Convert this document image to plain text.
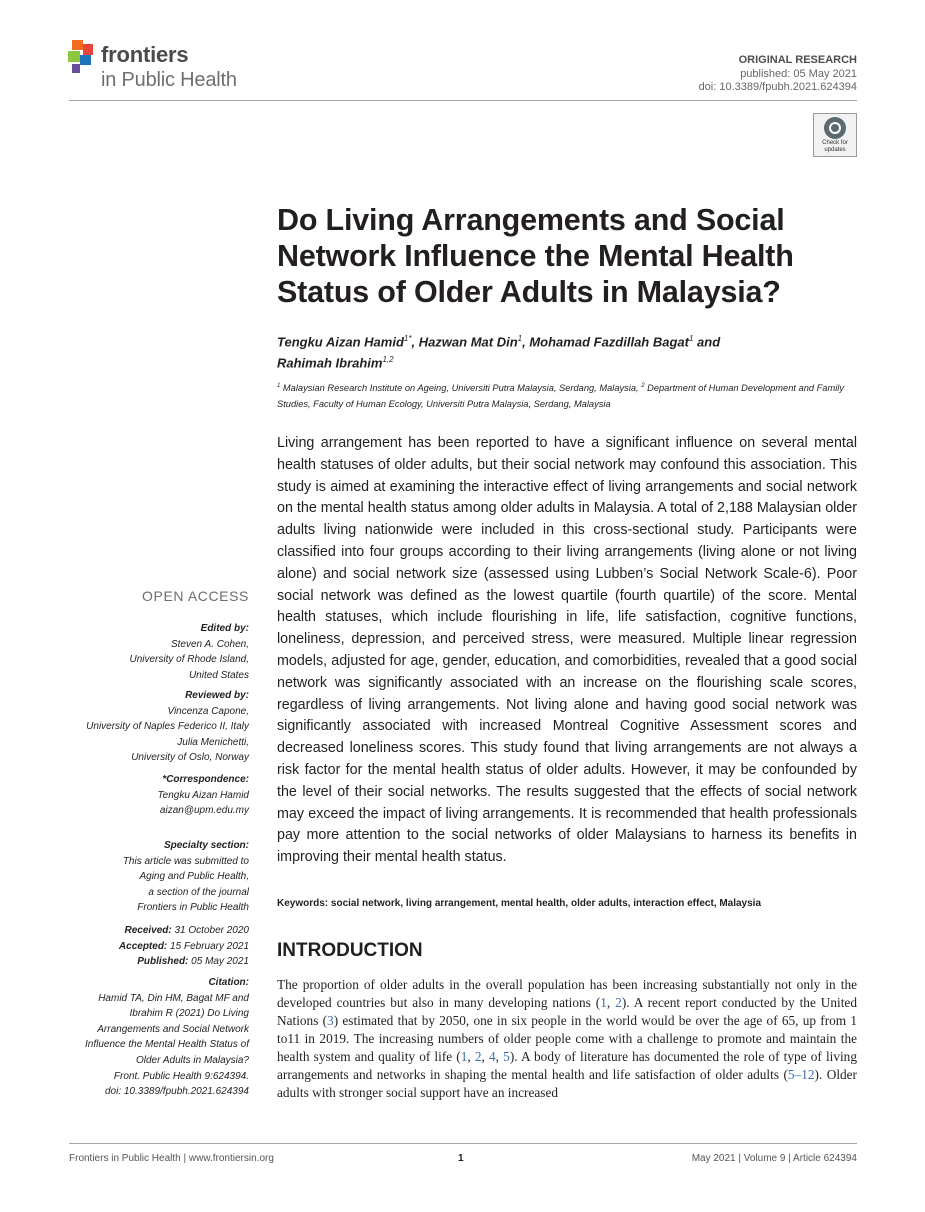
frontiers
in Public Health
ORIGINAL RESEARCH
published: 05 May 2021
doi: 10.3389/fpubh.2021.624394
Check for updates
Do Living Arrangements and Social Network Influence the Mental Health Status of Older Adults in Malaysia?
Tengku Aizan Hamid$^{1*}$, Hazwan Mat Din$^1$, Mohamad Fazdillah Bagat$^1$ and
Rahimah Ibrahim$^{1,2}$
$^1$ Malaysian Research Institute on Ageing, Universiti Putra Malaysia, Serdang, Malaysia, $^2$ Department of Human Development and Family Studies, Faculty of Human Ecology, Universiti Putra Malaysia, Serdang, Malaysia
Living arrangement has been reported to have a significant influence on several mental health statuses of older adults, but their social network may confound this association. This study is aimed at examining the interactive effect of living arrangements and social network on the mental health status among older adults in Malaysia. A total of 2,188 Malaysian older adults living nationwide were included in this cross-sectional study. Participants were classified into four groups according to their living arrangements (living alone or not living alone) and social network size (assessed using Lubben’s Social Network Scale-6). Poor social network was defined as the lowest quartile (fourth quartile) of the score. Mental health statuses, which include flourishing in life, life satisfaction, cognitive functions, loneliness, depression, and perceived stress, were measured. Multiple linear regression models, adjusted for age, gender, education, and comorbidities, revealed that a good social network was significantly associated with an increase on the flourishing scale scores, regardless of living arrangements. Not living alone and having good social network was significantly associated with increased Montreal Cognitive Assessment scores and decreased loneliness scores. This study found that living arrangements are not always a risk factor for the mental health status of older adults. However, it may be confounded by the level of their social networks. The results suggested that the effects of social network may exceed the impact of living arrangements. It is recommended that health professionals pay more attention to the social networks of older Malaysians to harness its benefits in improving their mental health status.
Keywords: social network, living arrangement, mental health, older adults, interaction effect, Malaysia
INTRODUCTION
The proportion of older adults in the overall population has been increasing substantially not only in the developed countries but also in many developing nations (1, 2). A recent report conducted by the United Nations (3) estimated that by 2050, one in six people in the world would be over the age of 65, up from 1 to11 in 2019. The increasing numbers of older people come with a challenge to promote and maintain the health system and quality of life (1, 2, 4, 5). A body of literature has documented the role of type of living arrangements and networks in shaping the mental health and life satisfaction of older adults (5–12). Older adults with stronger social support have an increased
OPEN ACCESS
Edited by:
Steven A. Cohen,
University of Rhode Island,
United States
Reviewed by:
Vincenza Capone,
University of Naples Federico II, Italy
Julia Menichetti,
University of Oslo, Norway
*Correspondence:
Tengku Aizan Hamid
aizan@upm.edu.my
Specialty section:
This article was submitted to
Aging and Public Health,
a section of the journal
Frontiers in Public Health
Received: 31 October 2020
Accepted: 15 February 2021
Published: 05 May 2021
Citation:
Hamid TA, Din HM, Bagat MF and
Ibrahim R (2021) Do Living
Arrangements and Social Network
Influence the Mental Health Status of
Older Adults in Malaysia?
Front. Public Health 9:624394.
doi: 10.3389/fpubh.2021.624394
Frontiers in Public Health | www.frontiersin.org	1	May 2021 | Volume 9 | Article 624394
